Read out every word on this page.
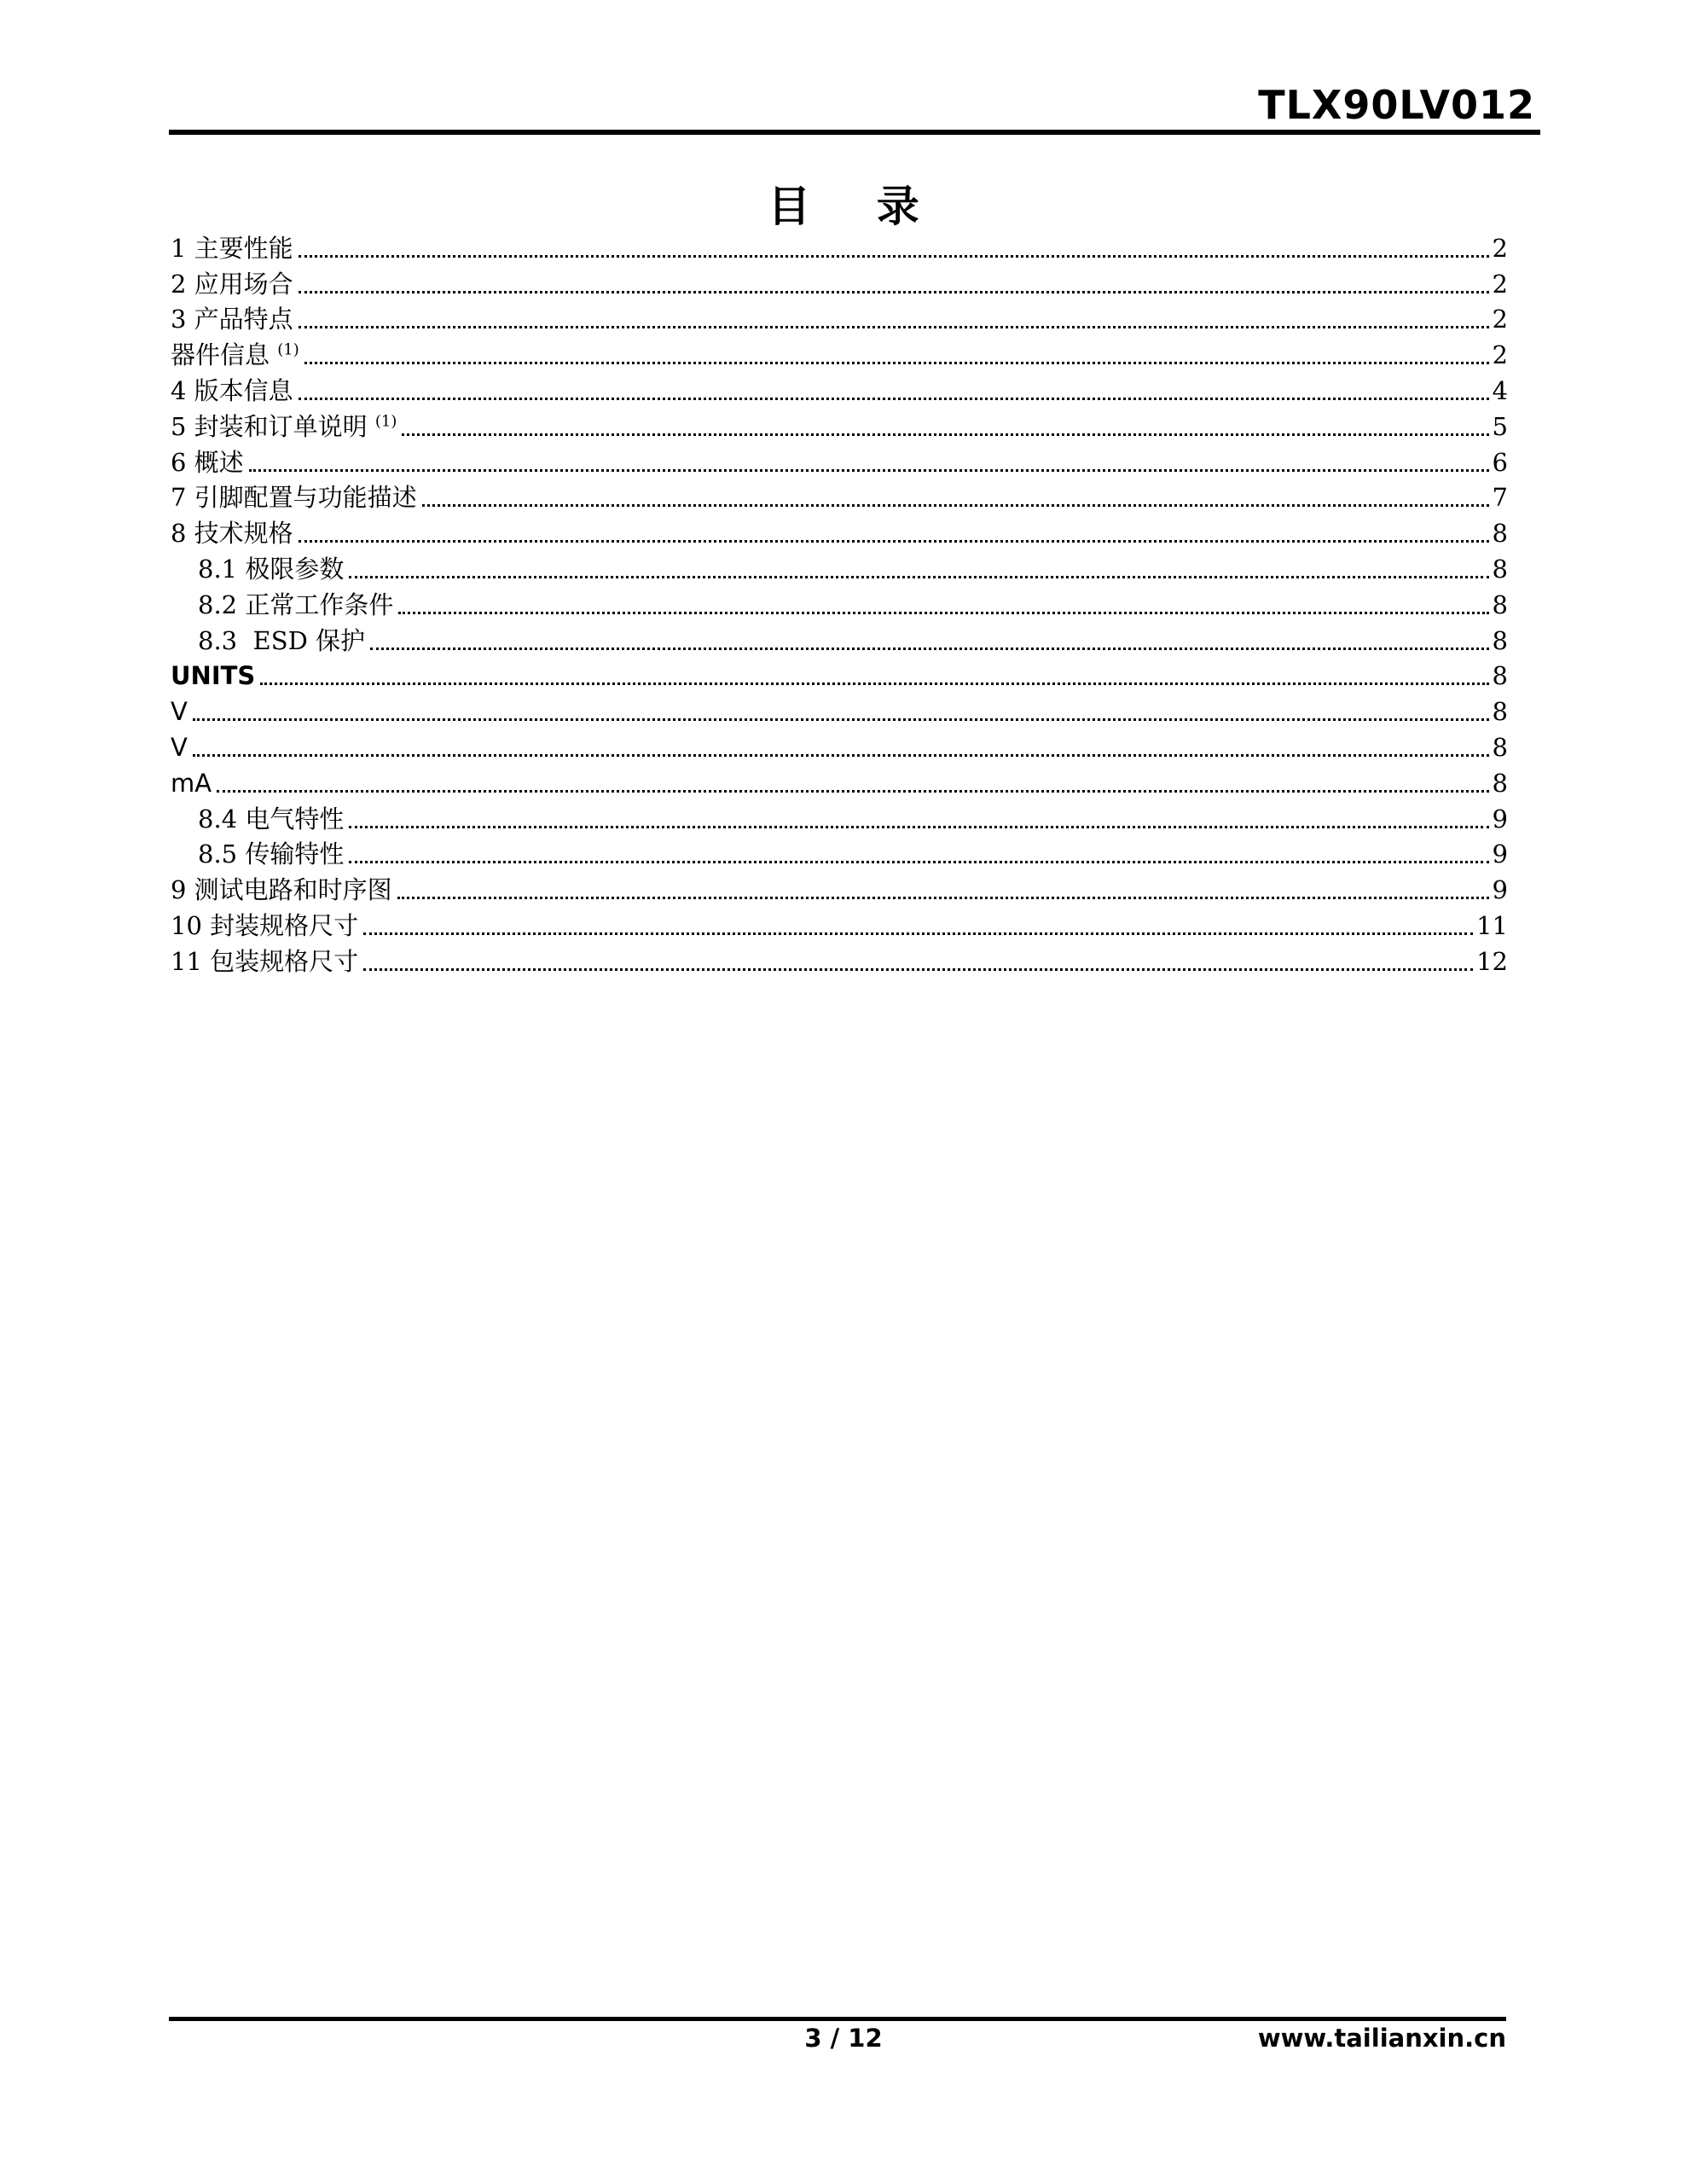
TLX90LV012
目 录
1 主要性能	2
2 应用场合	2
3 产品特点	2
器件信息 $^{(1)}$	2
4 版本信息	4
5 封装和订单说明 $^{(1)}$	5
6 概述	6
7 引脚配置与功能描述	7
8 技术规格	8
8.1 极限参数	8
8.2 正常工作条件	8
8.3  ESD 保护	8
UNITS	8
V	8
V	8
mA	8
8.4 电气特性	9
8.5 传输特性	9
9 测试电路和时序图	9
10 封装规格尺寸	11
11 包装规格尺寸	12
3 / 12	www.tailianxin.cn
